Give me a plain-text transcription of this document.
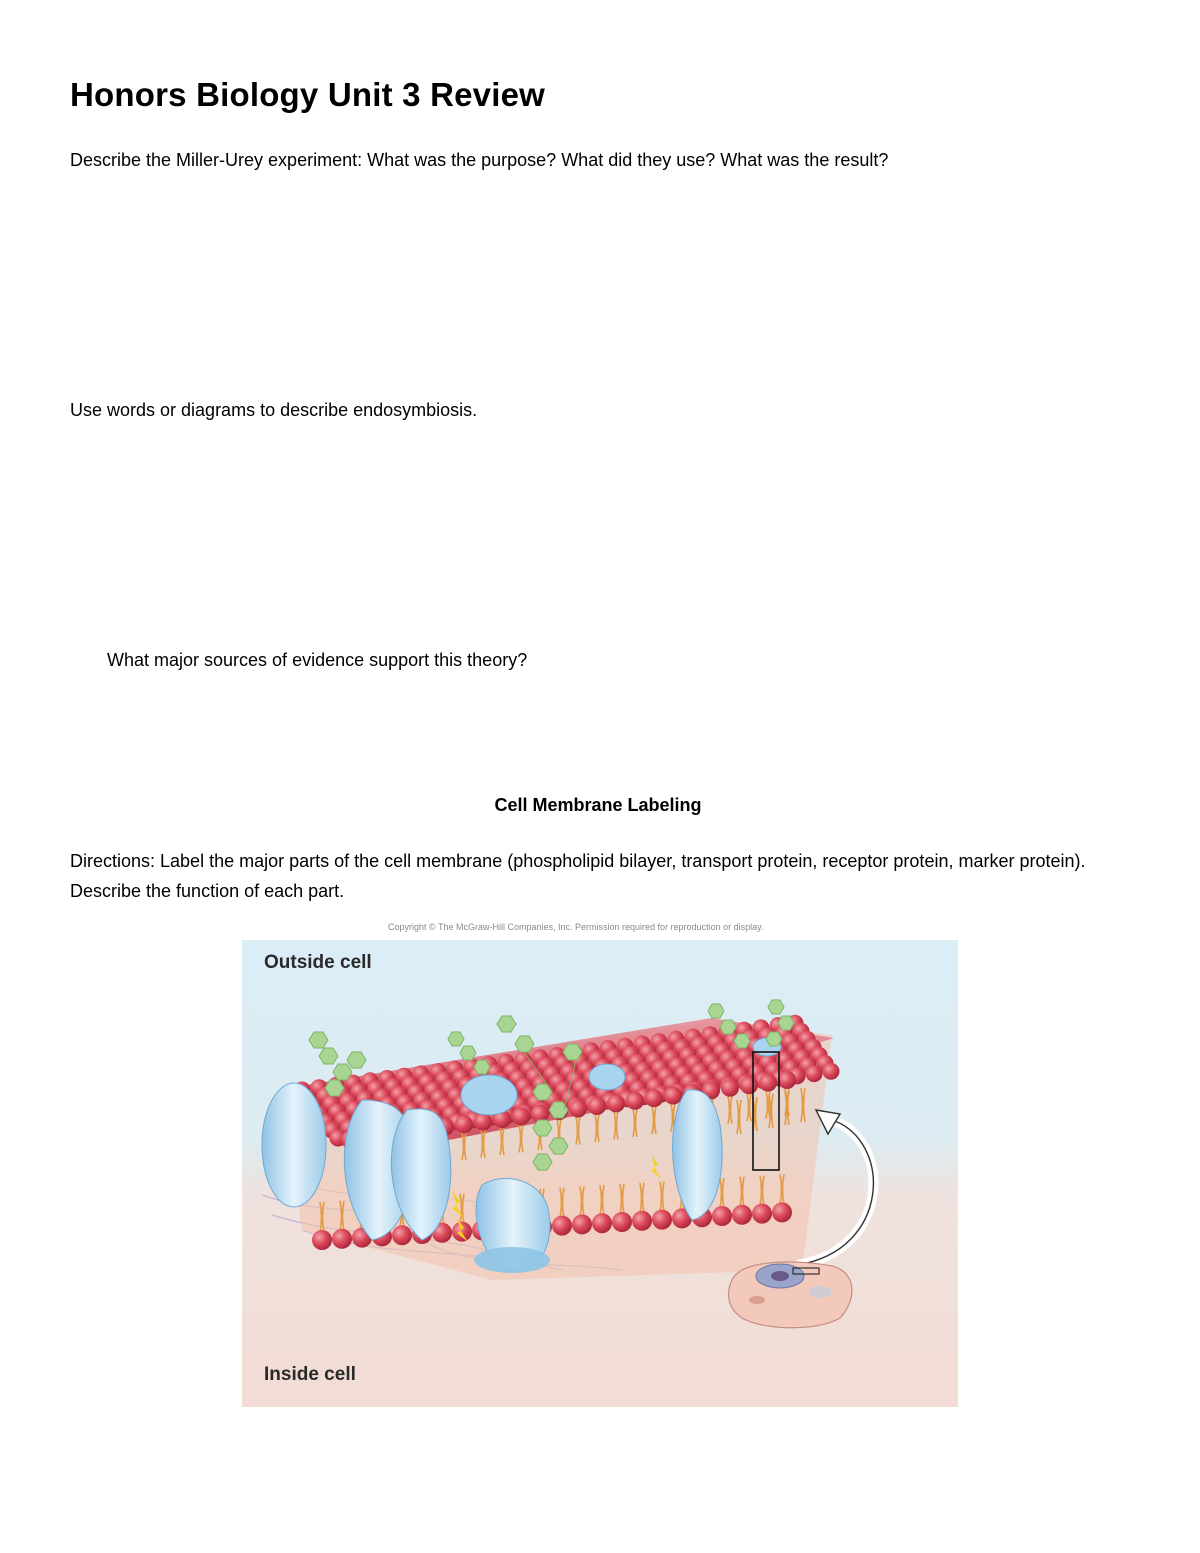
Honors Biology Unit 3 Review

Describe the Miller-Urey experiment: What was the purpose? What did they use? What was the result?

Use words or diagrams to describe endosymbiosis.

What major sources of evidence support this theory?

Cell Membrane Labeling

Directions: Label the major parts of the cell membrane (phospholipid bilayer, transport protein, receptor protein, marker protein). Describe the function of each part.

Copyright © The McGraw-Hill Companies, Inc. Permission required for reproduction or display.
Outside cell
Inside cell
